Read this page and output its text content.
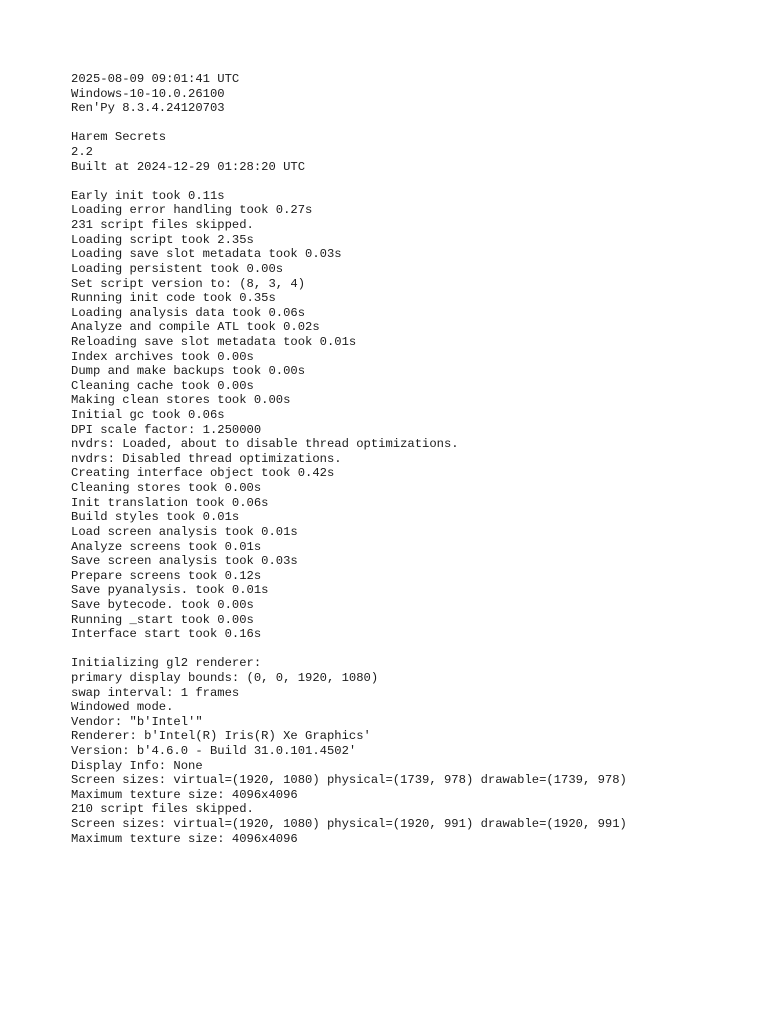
2025-08-09 09:01:41 UTC
Windows-10-10.0.26100
Ren'Py 8.3.4.24120703
Harem Secrets
2.2
Built at 2024-12-29 01:28:20 UTC
Early init took 0.11s
Loading error handling took 0.27s
231 script files skipped.
Loading script took 2.35s
Loading save slot metadata took 0.03s
Loading persistent took 0.00s
Set script version to: (8, 3, 4)
Running init code took 0.35s
Loading analysis data took 0.06s
Analyze and compile ATL took 0.02s
Reloading save slot metadata took 0.01s
Index archives took 0.00s
Dump and make backups took 0.00s
Cleaning cache took 0.00s
Making clean stores took 0.00s
Initial gc took 0.06s
DPI scale factor: 1.250000
nvdrs: Loaded, about to disable thread optimizations.
nvdrs: Disabled thread optimizations.
Creating interface object took 0.42s
Cleaning stores took 0.00s
Init translation took 0.06s
Build styles took 0.01s
Load screen analysis took 0.01s
Analyze screens took 0.01s
Save screen analysis took 0.03s
Prepare screens took 0.12s
Save pyanalysis. took 0.01s
Save bytecode. took 0.00s
Running _start took 0.00s
Interface start took 0.16s
Initializing gl2 renderer:
primary display bounds: (0, 0, 1920, 1080)
swap interval: 1 frames
Windowed mode.
Vendor: "b'Intel'"
Renderer: b'Intel(R) Iris(R) Xe Graphics'
Version: b'4.6.0 - Build 31.0.101.4502'
Display Info: None
Screen sizes: virtual=(1920, 1080) physical=(1739, 978) drawable=(1739, 978)
Maximum texture size: 4096x4096
210 script files skipped.
Screen sizes: virtual=(1920, 1080) physical=(1920, 991) drawable=(1920, 991)
Maximum texture size: 4096x4096
